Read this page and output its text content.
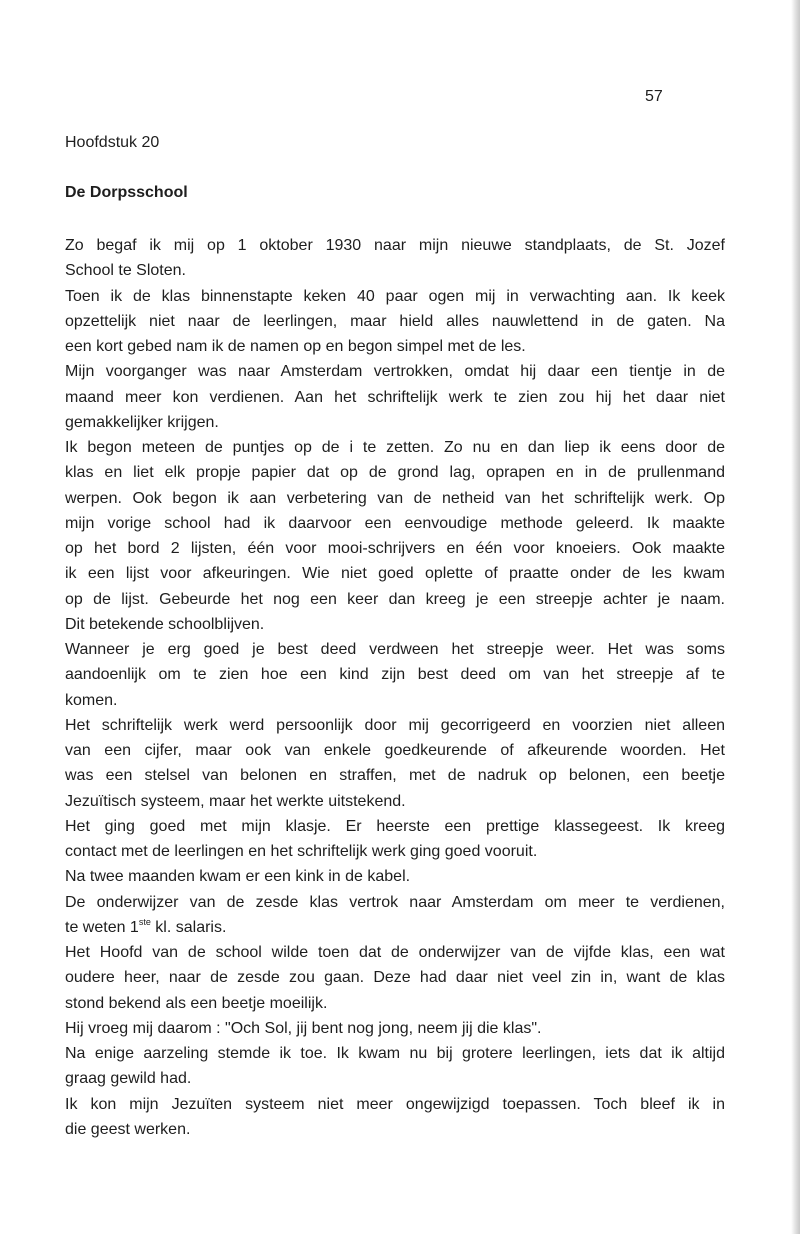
57
Hoofdstuk 20
De Dorpsschool
Zo begaf ik mij op 1 oktober 1930 naar mijn nieuwe standplaats, de St. Jozef
School te Sloten.
Toen ik de klas binnenstapte keken 40 paar ogen mij in verwachting aan. Ik keek
opzettelijk niet naar de leerlingen, maar hield alles nauwlettend in de gaten. Na
een kort gebed nam ik de namen op en begon simpel met de les.
Mijn voorganger was naar Amsterdam vertrokken, omdat hij daar een tientje in de
maand meer kon verdienen. Aan het schriftelijk werk te zien zou hij het daar niet
gemakkelijker krijgen.
Ik begon meteen de puntjes op de i te zetten. Zo nu en dan liep ik eens door de
klas en liet elk propje papier dat op de grond lag, oprapen en in de prullenmand
werpen. Ook begon ik aan verbetering van de netheid van het schriftelijk werk. Op
mijn vorige school had ik daarvoor een eenvoudige methode geleerd. Ik maakte
op het bord 2 lijsten, één voor mooi-schrijvers en één voor knoeiers. Ook maakte
ik een lijst voor afkeuringen. Wie niet goed oplette of praatte onder de les kwam
op de lijst. Gebeurde het nog een keer dan kreeg je een streepje achter je naam.
Dit betekende schoolblijven.
Wanneer je erg goed je best deed verdween het streepje weer. Het was soms
aandoenlijk om te zien hoe een kind zijn best deed om van het streepje af te
komen.
Het schriftelijk werk werd persoonlijk door mij gecorrigeerd en voorzien niet alleen
van een cijfer, maar ook van enkele goedkeurende of afkeurende woorden. Het
was een stelsel van belonen en straffen, met de nadruk op belonen, een beetje
Jezuïtisch systeem, maar het werkte uitstekend.
Het ging goed met mijn klasje. Er heerste een prettige klassegeest. Ik kreeg
contact met de leerlingen en het schriftelijk werk ging goed vooruit.
Na twee maanden kwam er een kink in de kabel.
De onderwijzer van de zesde klas vertrok naar Amsterdam om meer te verdienen,
te weten 1ste kl. salaris.
Het Hoofd van de school wilde toen dat de onderwijzer van de vijfde klas, een wat
oudere heer, naar de zesde zou gaan. Deze had daar niet veel zin in, want de klas
stond bekend als een beetje moeilijk.
Hij vroeg mij daarom : "Och Sol, jij bent nog jong, neem jij die klas".
Na enige aarzeling stemde ik toe. Ik kwam nu bij grotere leerlingen, iets dat ik altijd
graag gewild had.
Ik kon mijn Jezuïten systeem niet meer ongewijzigd toepassen. Toch bleef ik in
die geest werken.
